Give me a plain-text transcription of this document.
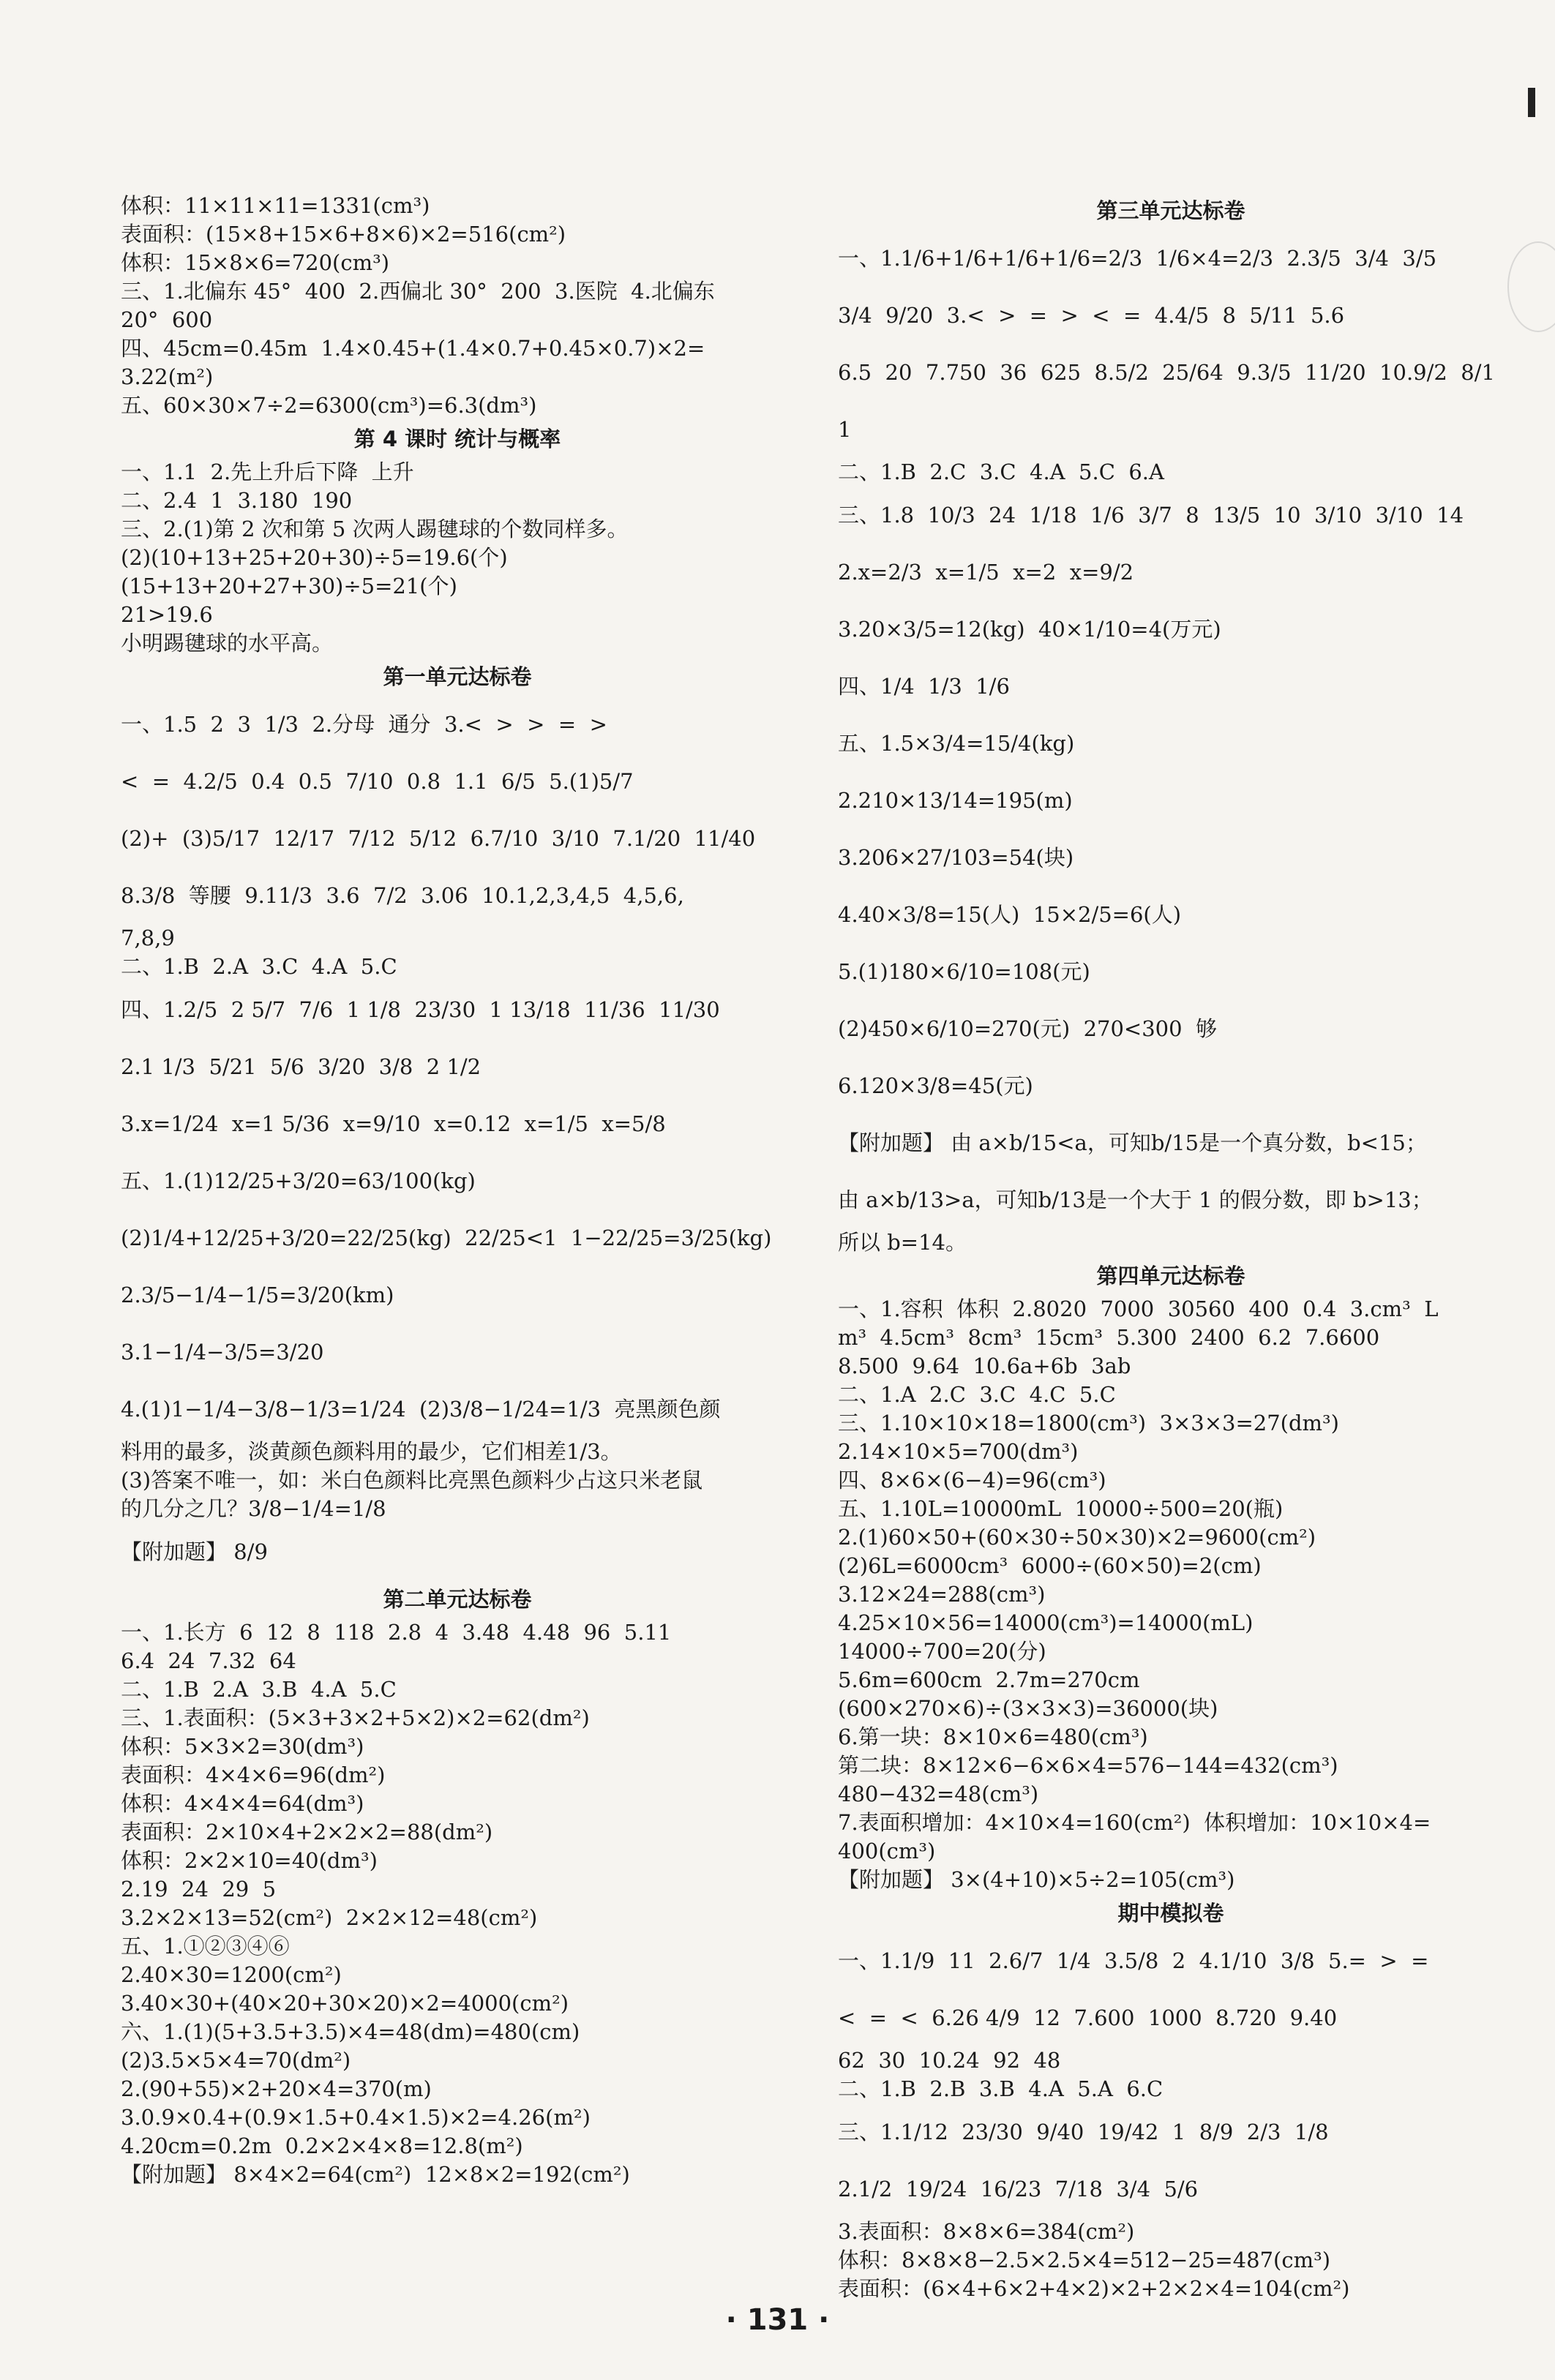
体积：11×11×11=1331(cm³)
表面积：(15×8+15×6+8×6)×2=516(cm²)
体积：15×8×6=720(cm³)
三、1.北偏东 45°  400  2.西偏北 30°  200  3.医院  4.北偏东
20°  600
四、45cm=0.45m  1.4×0.45+(1.4×0.7+0.45×0.7)×2=
3.22(m²)
五、60×30×7÷2=6300(cm³)=6.3(dm³)
第 4 课时 统计与概率
一、1.1  2.先上升后下降  上升
二、2.4  1  3.180  190
三、2.(1)第 2 次和第 5 次两人踢毽球的个数同样多。
(2)(10+13+25+20+30)÷5=19.6(个)
(15+13+20+27+30)÷5=21(个)
21>19.6
小明踢毽球的水平高。
第一单元达标卷
一、1.5  2  3  1/3  2.分母  通分  3.<  >  >  =  >
<  =  4.2/5  0.4  0.5  7/10  0.8  1.1  6/5  5.(1)5/7
(2)+  (3)5/17  12/17  7/12  5/12  6.7/10  3/10  7.1/20  11/40
8.3/8  等腰  9.11/3  3.6  7/2  3.06  10.1,2,3,4,5  4,5,6,
7,8,9
二、1.B  2.A  3.C  4.A  5.C
四、1.2/5  2 5/7  7/6  1 1/8  23/30  1 13/18  11/36  11/30
2.1 1/3  5/21  5/6  3/20  3/8  2 1/2
3.x=1/24  x=1 5/36  x=9/10  x=0.12  x=1/5  x=5/8
五、1.(1)12/25+3/20=63/100(kg)
(2)1/4+12/25+3/20=22/25(kg)  22/25<1  1−22/25=3/25(kg)
2.3/5−1/4−1/5=3/20(km)
3.1−1/4−3/5=3/20
4.(1)1−1/4−3/8−1/3=1/24  (2)3/8−1/24=1/3  亮黑颜色颜
料用的最多，淡黄颜色颜料用的最少，它们相差1/3。
(3)答案不唯一，如：米白色颜料比亮黑色颜料少占这只米老鼠
的几分之几？3/8−1/4=1/8
【附加题】 8/9
第二单元达标卷
一、1.长方  6  12  8  118  2.8  4  3.48  4.48  96  5.11
6.4  24  7.32  64
二、1.B  2.A  3.B  4.A  5.C
三、1.表面积：(5×3+3×2+5×2)×2=62(dm²)
体积：5×3×2=30(dm³)
表面积：4×4×6=96(dm²)
体积：4×4×4=64(dm³)
表面积：2×10×4+2×2×2=88(dm²)
体积：2×2×10=40(dm³)
2.19  24  29  5
3.2×2×13=52(cm²)  2×2×12=48(cm²)
五、1.①②③④⑥
2.40×30=1200(cm²)
3.40×30+(40×20+30×20)×2=4000(cm²)
六、1.(1)(5+3.5+3.5)×4=48(dm)=480(cm)
(2)3.5×5×4=70(dm²)
2.(90+55)×2+20×4=370(m)
3.0.9×0.4+(0.9×1.5+0.4×1.5)×2=4.26(m²)
4.20cm=0.2m  0.2×2×4×8=12.8(m²)
【附加题】 8×4×2=64(cm²)  12×8×2=192(cm²)
第三单元达标卷
一、1.1/6+1/6+1/6+1/6=2/3  1/6×4=2/3  2.3/5  3/4  3/5
3/4  9/20  3.<  >  =  >  <  =  4.4/5  8  5/11  5.6
6.5  20  7.750  36  625  8.5/2  25/64  9.3/5  11/20  10.9/2  8/11
二、1.B  2.C  3.C  4.A  5.C  6.A
三、1.8  10/3  24  1/18  1/6  3/7  8  13/5  10  3/10  3/10  14
2.x=2/3  x=1/5  x=2  x=9/2
3.20×3/5=12(kg)  40×1/10=4(万元)
四、1/4  1/3  1/6
五、1.5×3/4=15/4(kg)
2.210×13/14=195(m)
3.206×27/103=54(块)
4.40×3/8=15(人)  15×2/5=6(人)
5.(1)180×6/10=108(元)
(2)450×6/10=270(元)  270<300  够
6.120×3/8=45(元)
【附加题】 由 a×b/15<a，可知b/15是一个真分数，b<15；
由 a×b/13>a，可知b/13是一个大于 1 的假分数，即 b>13；
所以 b=14。
第四单元达标卷
一、1.容积  体积  2.8020  7000  30560  400  0.4  3.cm³  L
m³  4.5cm³  8cm³  15cm³  5.300  2400  6.2  7.6600
8.500  9.64  10.6a+6b  3ab
二、1.A  2.C  3.C  4.C  5.C
三、1.10×10×18=1800(cm³)  3×3×3=27(dm³)
2.14×10×5=700(dm³)
四、8×6×(6−4)=96(cm³)
五、1.10L=10000mL  10000÷500=20(瓶)
2.(1)60×50+(60×30÷50×30)×2=9600(cm²)
(2)6L=6000cm³  6000÷(60×50)=2(cm)
3.12×24=288(cm³)
4.25×10×56=14000(cm³)=14000(mL)
14000÷700=20(分)
5.6m=600cm  2.7m=270cm
(600×270×6)÷(3×3×3)=36000(块)
6.第一块：8×10×6=480(cm³)
第二块：8×12×6−6×6×4=576−144=432(cm³)
480−432=48(cm³)
7.表面积增加：4×10×4=160(cm²)  体积增加：10×10×4=
400(cm³)
【附加题】 3×(4+10)×5÷2=105(cm³)
期中模拟卷
一、1.1/9  11  2.6/7  1/4  3.5/8  2  4.1/10  3/8  5.=  >  =
<  =  <  6.26 4/9  12  7.600  1000  8.720  9.40
62  30  10.24  92  48
二、1.B  2.B  3.B  4.A  5.A  6.C
三、1.1/12  23/30  9/40  19/42  1  8/9  2/3  1/8
2.1/2  19/24  16/23  7/18  3/4  5/6
3.表面积：8×8×6=384(cm²)
体积：8×8×8−2.5×2.5×4=512−25=487(cm³)
表面积：(6×4+6×2+4×2)×2+2×2×4=104(cm²)
· 131 ·
